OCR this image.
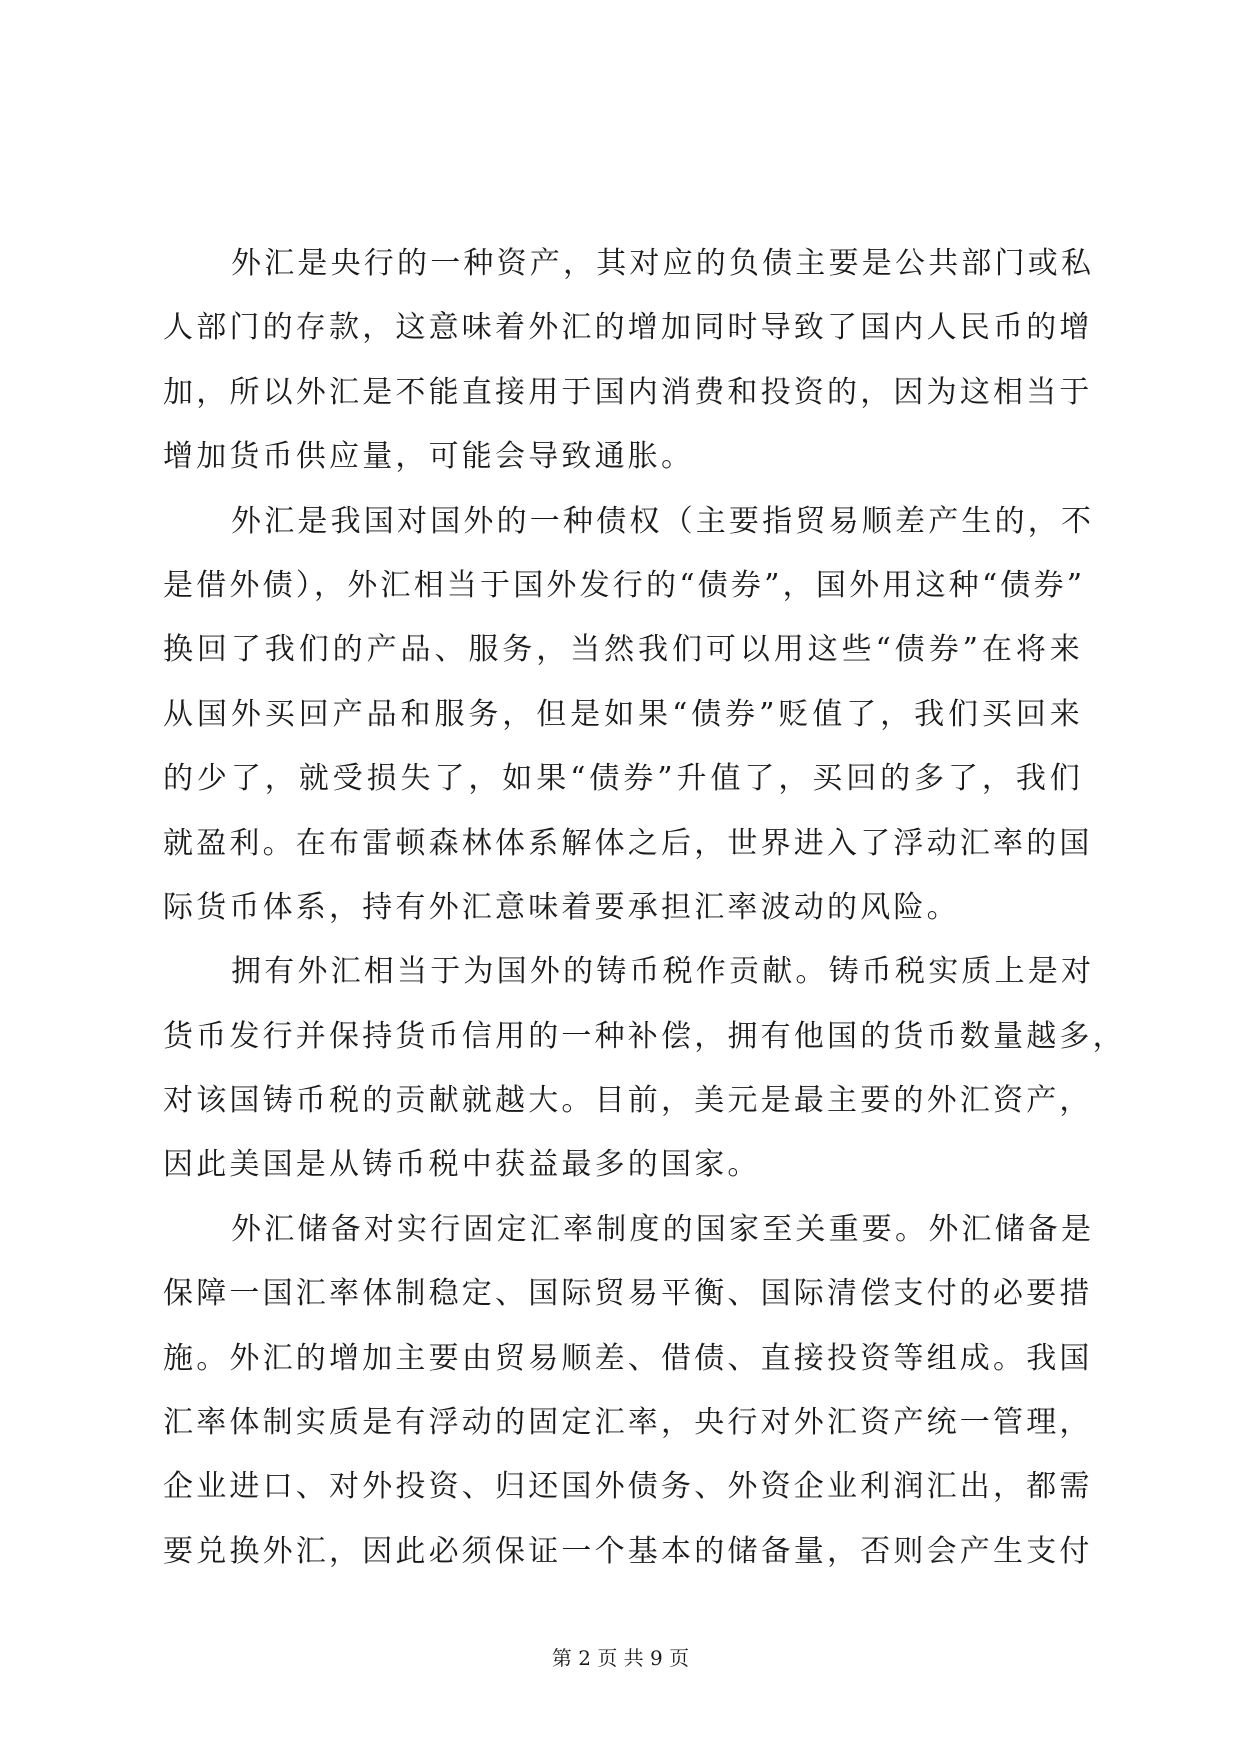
外汇是央行的一种资产，其对应的负债主要是公共部门或私
人部门的存款，这意味着外汇的增加同时导致了国内人民币的增
加，所以外汇是不能直接用于国内消费和投资的，因为这相当于
增加货币供应量，可能会导致通胀。
外汇是我国对国外的一种债权（主要指贸易顺差产生的，不
是借外债），外汇相当于国外发行的“债券”，国外用这种“债券”
换回了我们的产品、服务，当然我们可以用这些“债券”在将来
从国外买回产品和服务，但是如果“债券”贬值了，我们买回来
的少了，就受损失了，如果“债券”升值了，买回的多了，我们
就盈利。在布雷顿森林体系解体之后，世界进入了浮动汇率的国
际货币体系，持有外汇意味着要承担汇率波动的风险。
拥有外汇相当于为国外的铸币税作贡献。铸币税实质上是对
货币发行并保持货币信用的一种补偿，拥有他国的货币数量越多，
对该国铸币税的贡献就越大。目前，美元是最主要的外汇资产，
因此美国是从铸币税中获益最多的国家。
外汇储备对实行固定汇率制度的国家至关重要。外汇储备是
保障一国汇率体制稳定、国际贸易平衡、国际清偿支付的必要措
施。外汇的增加主要由贸易顺差、借债、直接投资等组成。我国
汇率体制实质是有浮动的固定汇率，央行对外汇资产统一管理，
企业进口、对外投资、归还国外债务、外资企业利润汇出，都需
要兑换外汇，因此必须保证一个基本的储备量，否则会产生支付
第 2 页 共 9 页
